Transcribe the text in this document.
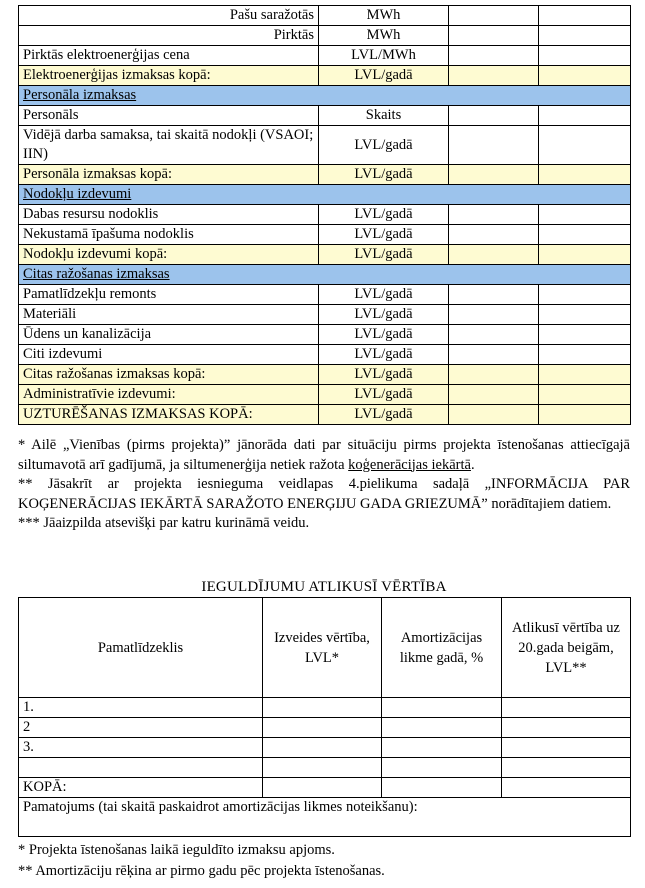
Pašu saražotās	MWh		
Pirktās	MWh		
Pirktās elektroenerģijas cena	LVL/MWh		
Elektroenerģijas izmaksas kopā:	LVL/gadā		
Personāla izmaksas			
Personāls	Skaits		
Vidējā darba samaksa, tai skaitā nodokļi (VSAOI; IIN)	LVL/gadā		
Personāla izmaksas kopā:	LVL/gadā		
Nodokļu izdevumi			
Dabas resursu nodoklis	LVL/gadā		
Nekustamā īpašuma nodoklis	LVL/gadā		
Nodokļu izdevumi kopā:	LVL/gadā		
Citas ražošanas izmaksas			
Pamatlīdzekļu remonts	LVL/gadā		
Materiāli	LVL/gadā		
Ūdens un kanalizācija	LVL/gadā		
Citi izdevumi	LVL/gadā		
Citas ražošanas izmaksas kopā:	LVL/gadā		
Administratīvie izdevumi:	LVL/gadā		
UZTURĒŠANAS IZMAKSAS KOPĀ:	LVL/gadā		

* Ailē „Vienības (pirms projekta)” jānorāda dati par situāciju pirms projekta īstenošanas attiecīgajā siltumavotā arī gadījumā, ja siltumenerģija netiek ražota koģenerācijas iekārtā.

** Jāsakrīt ar projekta iesnieguma veidlapas 4.pielikuma sadaļā „INFORMĀCIJA PAR KOĢENERĀCIJAS IEKĀRTĀ SARAŽOTO ENERĢIJU GADA GRIEZUMĀ” norādītajiem datiem.

*** Jāaizpilda atsevišķi par katru kurināmā veidu.

IEGULDĪJUMU ATLIKUSĪ VĒRTĪBA
Pamatlīdzeklis	Izveides vērtība, LVL*	Amortizācijas likme gadā, %	Atlikusī vērtība uz 20.gada beigām, LVL**
1.			
2			
3.			

KOPĀ:			
Pamatojums (tai skaitā paskaidrot amortizācijas likmes noteikšanu):			

* Projekta īstenošanas laikā ieguldīto izmaksu apjoms.

** Amortizāciju rēķina ar pirmo gadu pēc projekta īstenošanas.
